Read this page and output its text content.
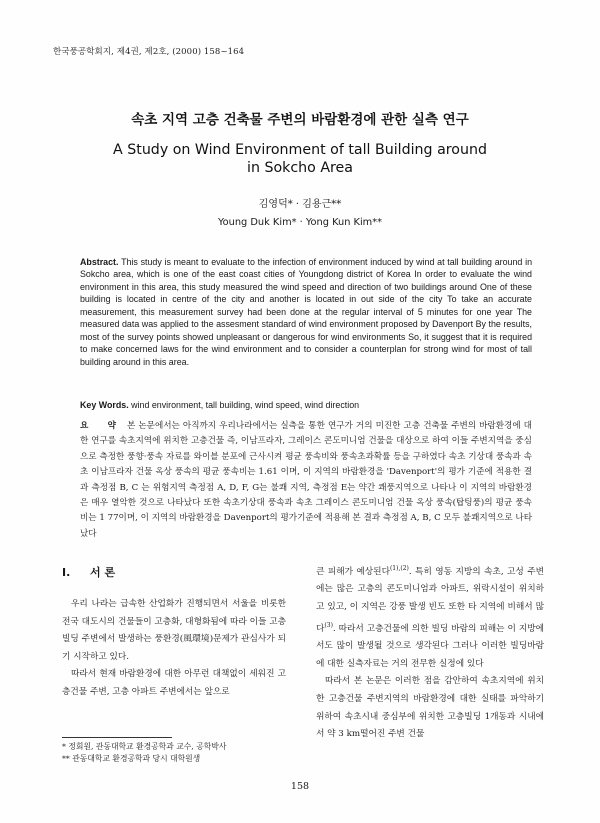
한국풍공학회지, 제4권, 제2호, (2000) 158~164
속초 지역 고층 건축물 주변의 바람환경에 관한 실측 연구
A Study on Wind Environment of tall Building around
in Sokcho Area
김영덕* · 김용근**
Young Duk Kim* · Yong Kun Kim**
Abstract. This study is meant to evaluate to the infection of environment induced by wind at tall building around in Sokcho area, which is one of the east coast cities of Youngdong district of Korea In order to evaluate the wind environment in this area, this study measured the wind speed and direction of two buildings around One of these building is located in centre of the city and another is located in out side of the city To take an accurate measurement, this measurement survey had been done at the regular interval of 5 minutes for one year The measured data was applied to the assesment standard of wind environment proposed by Davenport By the results, most of the survey points showed unpleasant or dangerous for wind environments So, it suggest that it is required to make concerned laws for the wind environment and to consider a counterplan for strong wind for most of tall building around in this area.
Key Words. wind environment, tall building, wind speed, wind direction
요 약 본 논문에서는 아직까지 우리나라에서는 실측을 통한 연구가 거의 미진한 고층 건축물 주변의 바람환경에 대한 연구를 속초지역에 위치한 고층건물 즉, 이남프라자, 그레이스 콘도미니엄 건물을 대상으로 하여 이들 주변지역을 중심으로 측정한 풍향·풍속 자료를 와이블 분포에 근사시켜 평균 풍속비와 풍속초과확률 등을 구하였다 속초 기상대 풍속과 속초 이남프라자 건물 옥상 풍속의 평균 풍속비는 1.61 이며, 이 지역의 바람환경을 'Davenport'의 평가 기준에 적용한 결과 측정점 B, C 는 위험지역 측정점 A, D, F, G는 불쾌 지역, 측정점 E는 약간 쾌풍지역으로 나타나 이 지역의 바람환경은 매우 열악한 것으로 나타났다 또한 속초기상대 풍속과 속초 그레이스 콘도미니엄 건물 옥상 풍속(탑팅풍)의 평균 풍속비는 1 77이며, 이 지역의 바람환경을 Davenport의 평가기준에 적용해 본 결과 측정점 A, B, C 모두 불쾌지역으로 나타났다
I. 서 론

우리 나라는 급속한 산업화가 진행되면서 서울을 비롯한 전국 대도시의 건물들이 고층화, 대형화됨에 따라 이들 고층 빌딩 주변에서 발생하는 풍환경(風環境)문제가 관심사가 되기 시작하고 있다.

따라서 현재 바람환경에 대한 아무런 대책없이 세워진 고층건물 주변, 고층 아파트 주변에서는 앞으로

큰 피해가 예상된다$^{(1),(2)}$. 특히 영동 지방의 속초, 고성 주변에는 많은 고층의 콘도미니엄과 아파트, 위락시설이 위치하고 있고, 이 지역은 강풍 발생 빈도 또한 타 지역에 비해서 많다$^{(3)}$. 따라서 고층건물에 의한 빌딩 바람의 피해는 이 지방에서도 많이 발생될 것으로 생각된다 그러나 이러한 빌딩바람에 대한 실측자료는 거의 전무한 실정에 있다

따라서 본 논문은 이러한 점을 감안하여 속초지역에 위치한 고층건물 주변지역의 바람환경에 대한 실태를 파악하기 위하여 속초시내 중심부에 위치한 고층빌딩 1개동과 시내에서 약 3 km떨어진 주변 건물

* 정회원, 관동대학교 환경공학과 교수, 공학박사
** 관동대학교 환경공학과 당시 대학원생
158
